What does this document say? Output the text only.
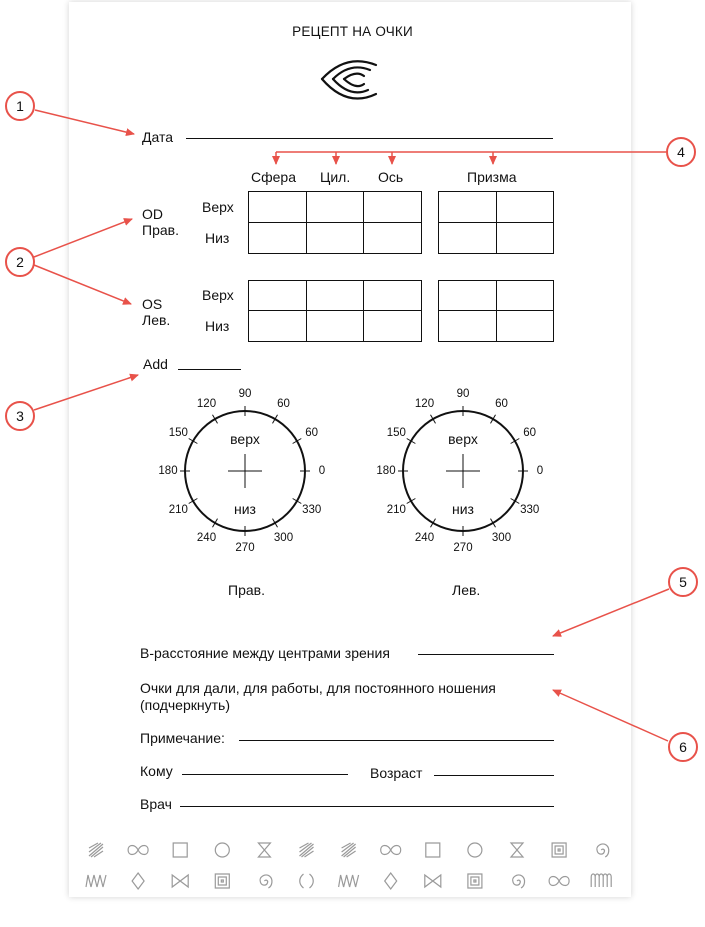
РЕЦЕПТ НА ОЧКИ
Дата
Сфера Цил. Ось	Призма
OD
Прав.
Верх
Низ

OS
Лев.
Верх
Низ

Add
0
60
60
90
120
150
180
210
240
270
300
330
верх
низ
0
60
60
90
120
150
180
210
240
270
300
330
верх
низ
Прав.	Лев.
В-расстояние между центрами зрения
Очки для дали, для работы, для постоянного ношения
(подчеркнуть)
Примечание:
Кому	Возраст
Врач
1
2
3
4
5
6
